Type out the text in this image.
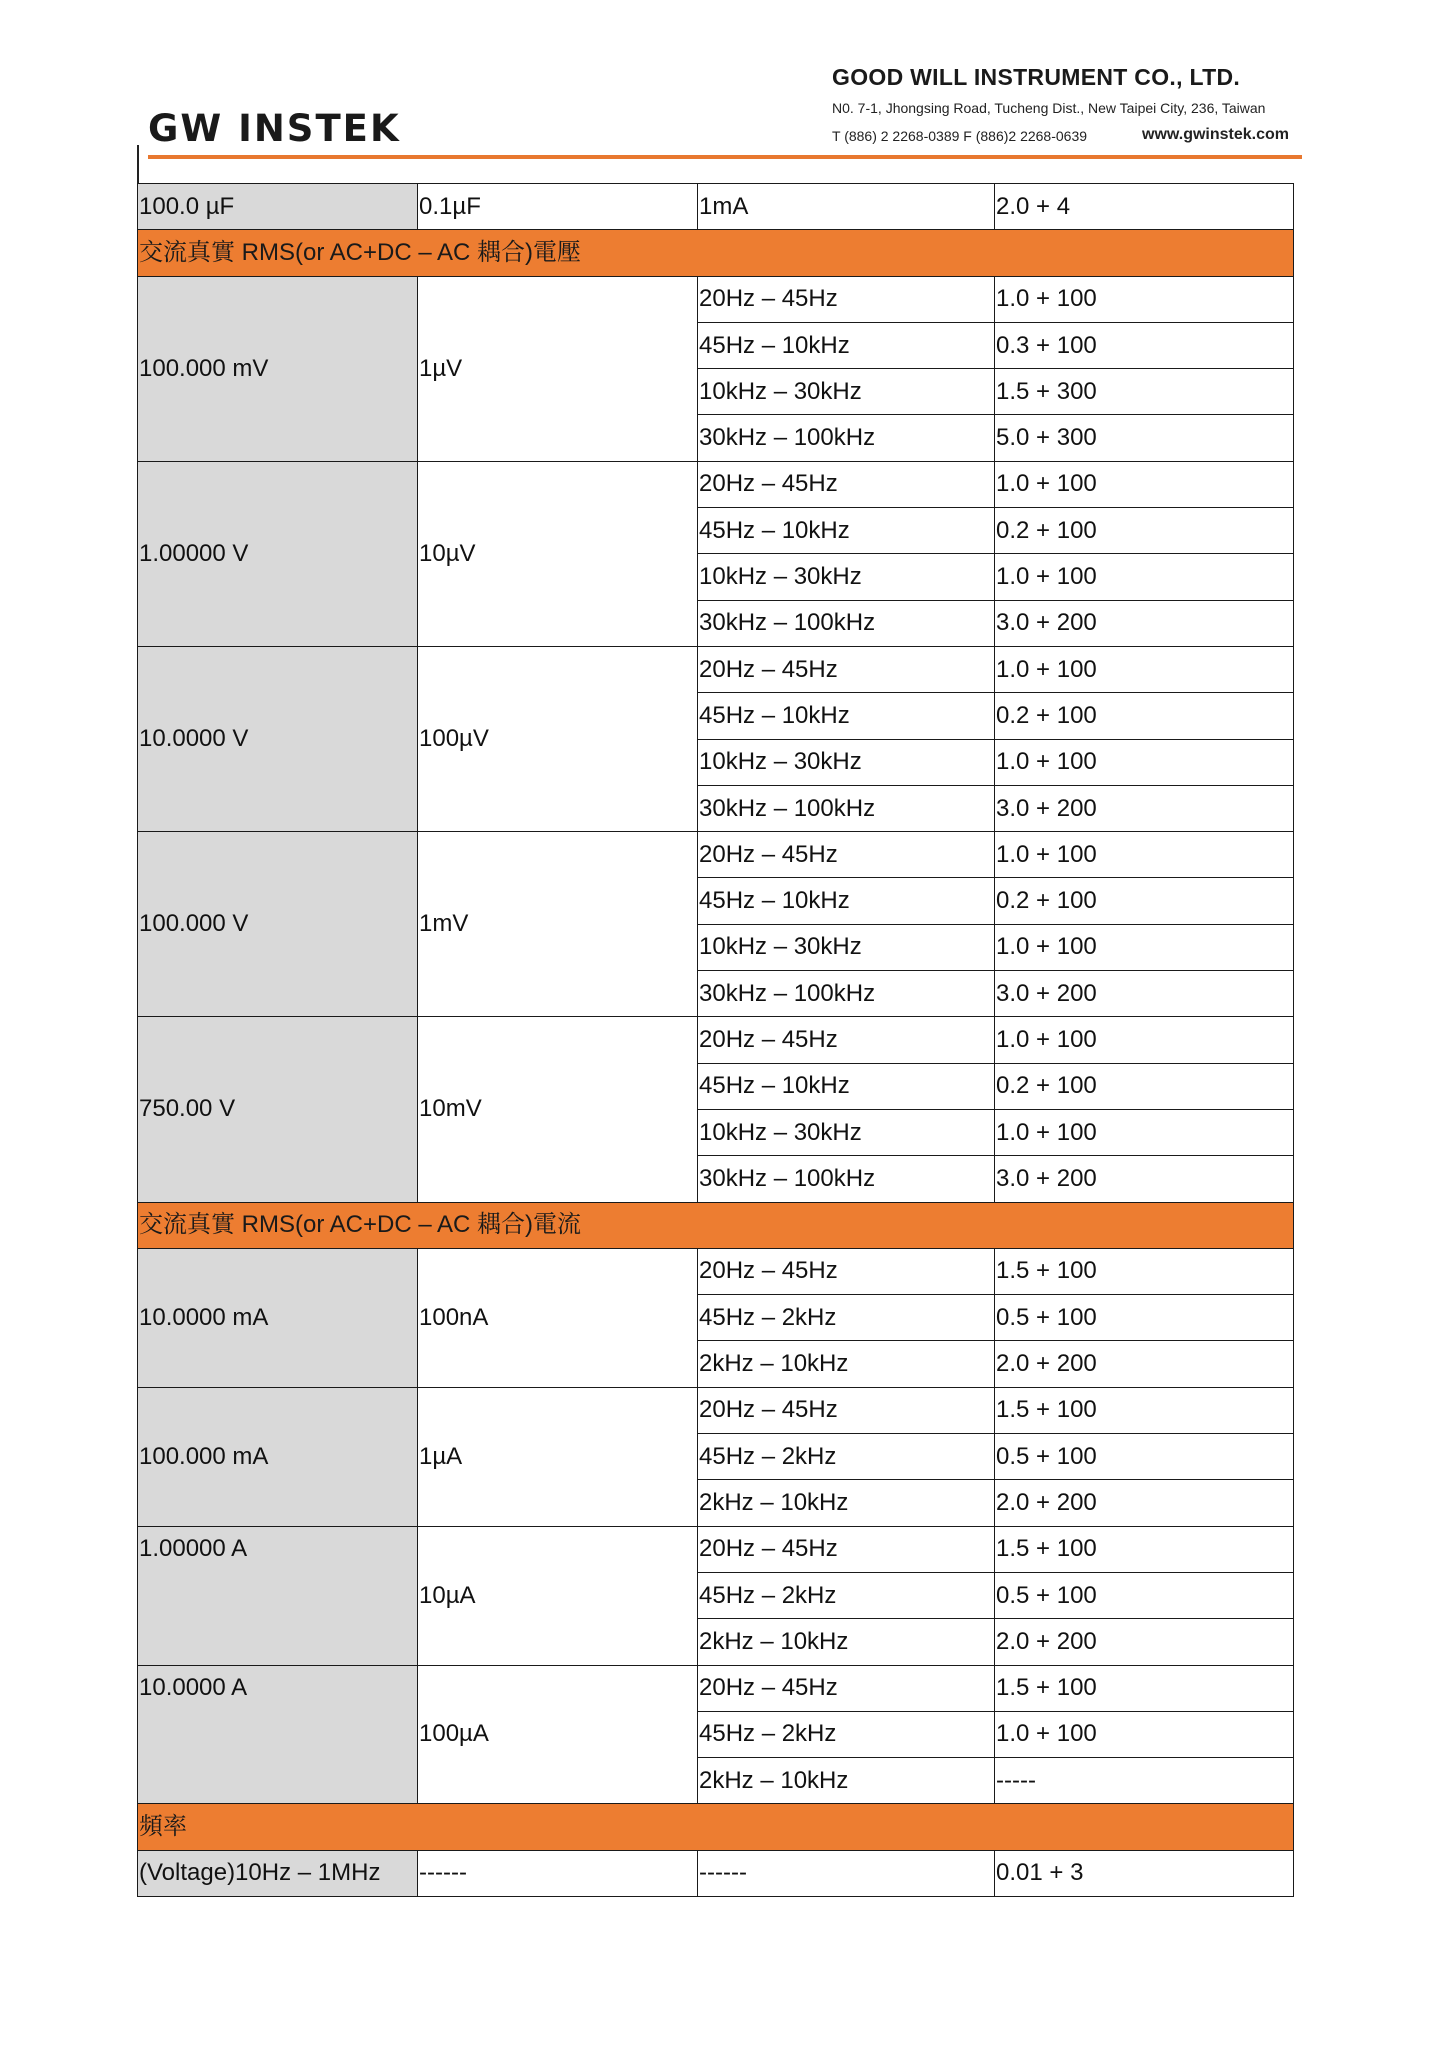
GW INSTEK
GOOD WILL INSTRUMENT CO., LTD.
N0. 7-1, Jhongsing Road, Tucheng Dist., New Taipei City, 236, Taiwan
T (886) 2 2268-0389 F (886)2 2268-0639	www.gwinstek.com
100.0 µF	0.1µF	1mA	2.0 + 4
交流真實 RMS(or AC+DC – AC 耦合)電壓			
100.000 mV	1µV	20Hz – 45Hz	1.0 + 100
		45Hz – 10kHz	0.3 + 100
		10kHz – 30kHz	1.5 + 300
		30kHz – 100kHz	5.0 + 300
1.00000 V	10µV	20Hz – 45Hz	1.0 + 100
		45Hz – 10kHz	0.2 + 100
		10kHz – 30kHz	1.0 + 100
		30kHz – 100kHz	3.0 + 200
10.0000 V	100µV	20Hz – 45Hz	1.0 + 100
		45Hz – 10kHz	0.2 + 100
		10kHz – 30kHz	1.0 + 100
		30kHz – 100kHz	3.0 + 200
100.000 V	1mV	20Hz – 45Hz	1.0 + 100
		45Hz – 10kHz	0.2 + 100
		10kHz – 30kHz	1.0 + 100
		30kHz – 100kHz	3.0 + 200
750.00 V	10mV	20Hz – 45Hz	1.0 + 100
		45Hz – 10kHz	0.2 + 100
		10kHz – 30kHz	1.0 + 100
		30kHz – 100kHz	3.0 + 200
交流真實 RMS(or AC+DC – AC 耦合)電流			
10.0000 mA	100nA	20Hz – 45Hz	1.5 + 100
		45Hz – 2kHz	0.5 + 100
		2kHz – 10kHz	2.0 + 200
100.000 mA	1µA	20Hz – 45Hz	1.5 + 100
		45Hz – 2kHz	0.5 + 100
		2kHz – 10kHz	2.0 + 200
1.00000 A	10µA	20Hz – 45Hz	1.5 + 100
		45Hz – 2kHz	0.5 + 100
		2kHz – 10kHz	2.0 + 200
10.0000 A	100µA	20Hz – 45Hz	1.5 + 100
		45Hz – 2kHz	1.0 + 100
		2kHz – 10kHz	-----
頻率			
(Voltage)10Hz – 1MHz	------	------	0.01 + 3
